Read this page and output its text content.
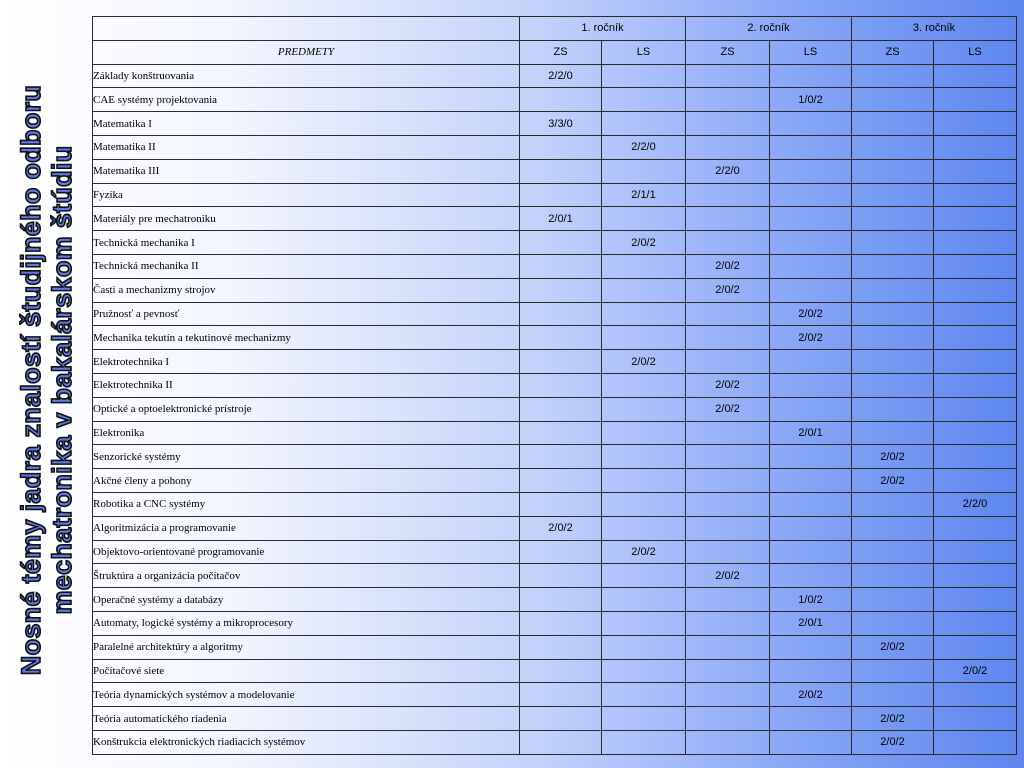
Nosné témy jadra znalostí študijného odboru mechatronika v bakalárskom štúdiu
	1. ročník		2. ročník		3. ročník	
PREDMETY	ZS	LS	ZS	LS	ZS	LS
Základy konštruovania	2/2/0					
CAE systémy projektovania				1/0/2		
Matematika I	3/3/0					
Matematika II		2/2/0				
Matematika III			2/2/0			
Fyzika		2/1/1				
Materiály pre mechatroniku	2/0/1					
Technická mechanika I		2/0/2				
Technická mechanika II			2/0/2			
Časti a mechanizmy strojov			2/0/2			
Pružnosť a pevnosť				2/0/2		
Mechanika tekutín a tekutinové mechanizmy				2/0/2		
Elektrotechnika I		2/0/2				
Elektrotechnika II			2/0/2			
Optické a optoelektronické prístroje			2/0/2			
Elektronika				2/0/1		
Senzorické systémy					2/0/2	
Akčné členy a pohony					2/0/2	
Robotika a CNC systémy						2/2/0
Algoritmizácia a programovanie	2/0/2					
Objektovo-orientované programovanie		2/0/2				
Štruktúra a organizácia počítačov			2/0/2			
Operačné systémy a databázy				1/0/2		
Automaty, logické systémy a mikroprocesory				2/0/1		
Paralelné architektúry a algoritmy					2/0/2	
Počítačové siete						2/0/2
Teória dynamických systémov a modelovanie				2/0/2		
Teória automatického riadenia					2/0/2	
Konštrukcia elektronických riadiacich systémov					2/0/2	
